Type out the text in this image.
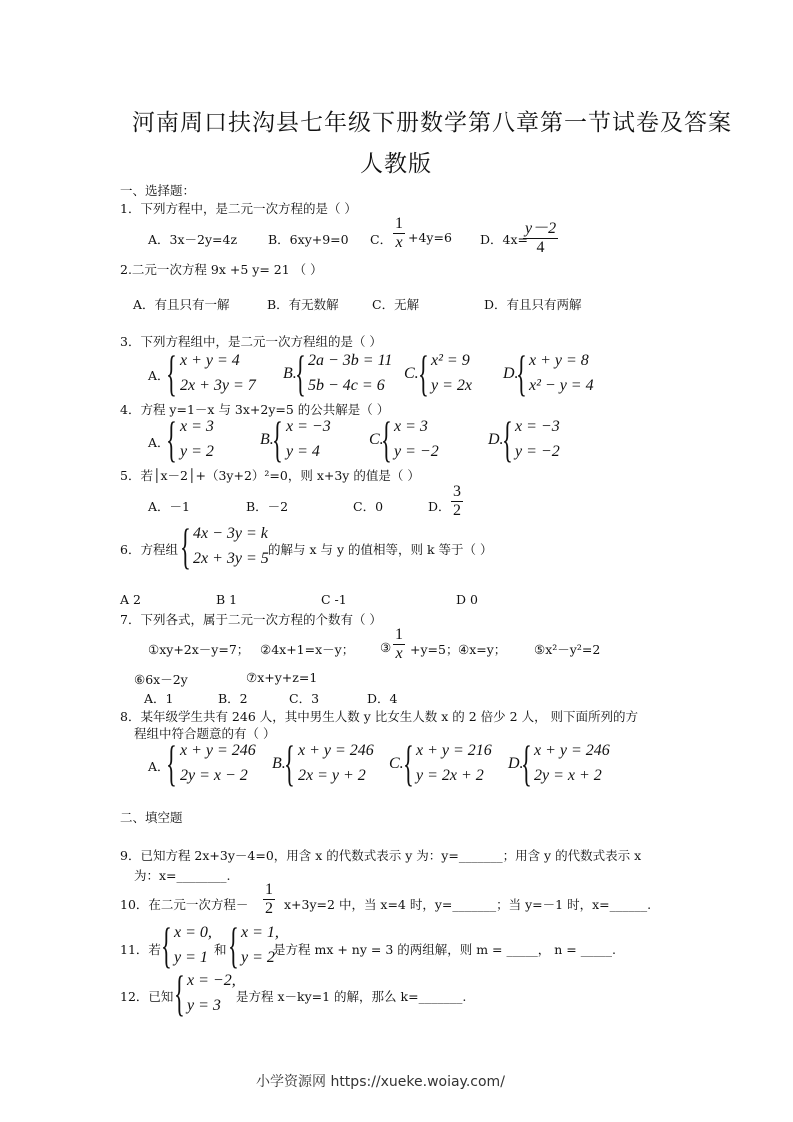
河南周口扶沟县七年级下册数学第八章第一节试卷及答案
人教版
一、选择题：
1．下列方程中，是二元一次方程的是（ ）
A．3x－2y=4z B．6xy+9=0 C． $\frac{1}{x} +4y=6$ D．4x=
$\frac{y-2}{4}$
2.二元一次方程 9x +5 y= 21 （ ）
A．有且只有一解	B．有无数解	C．无解	D．有且只有两解
3．下列方程组中，是二元一次方程组的是（ ）
A．
{ x + y = 4
2x + 3y = 7
B.
{ 2a − 3b = 11
5b − 4c = 6
C. { x² = 9
y = 2x
D.
{ x + y = 8
x² − y = 4
4．方程 y=1－x 与 3x+2y=5 的公共解是（ ）
A．
{ x = 3
y = 2
B.
{ x = −3
y = 4
C.
{ x = 3
y = −2
D.
{ x = −3
y = −2
5．若│x－2│+（3y+2）²=0，则 x+3y 的值是（ ）
A．－1	B．－2	C．0	D． $\frac{3}{2}$
6．方程组 { 4x − 3y = k
2x + 3y = 5
的解与 x 与 y 的值相等，则 k 等于（ ）
A 2	B 1	C -1	D 0
7．下列各式，属于二元一次方程的个数有（ ）
①xy+2x－y=7； ②4x+1=x－y； ③ $\frac{1}{x} +y=5$； ④x=y； ⑤x²－y²=2
⑥6x－2y	⑦x+y+z=1
A．1	B．2	C．3	D．4
8．某年级学生共有 246 人，其中男生人数 y 比女生人数 x 的 2 倍少 2 人， 则下面所列的方
程组中符合题意的有（ ）
A．
{ x + y = 246
2y = x − 2
B.
{ x + y = 246
2x = y + 2
C. { x + y = 216
y = 2x + 2
D.
{ x + y = 246
2y = x + 2
二、填空题
9．已知方程 2x+3y－4=0，用含 x 的代数式表示 y 为：y=_______；用含 y 的代数式表示 x
为：x=________.
10．在二元一次方程－ $\frac{1}{2} x+3y=2$ 中，当 x=4 时，y=_______；当 y=－1 时，x=______.
11．若 { x = 0,
y = 1 和 { x = 1,
y = 2
是方程 mx + ny = 3 的两组解，则 m = _____， n = _____.
12．已知 { x = −2,
y = 3
是方程 x－ky=1 的解，那么 k=_______.
小学资源网 https://xueke.woiay.com/
